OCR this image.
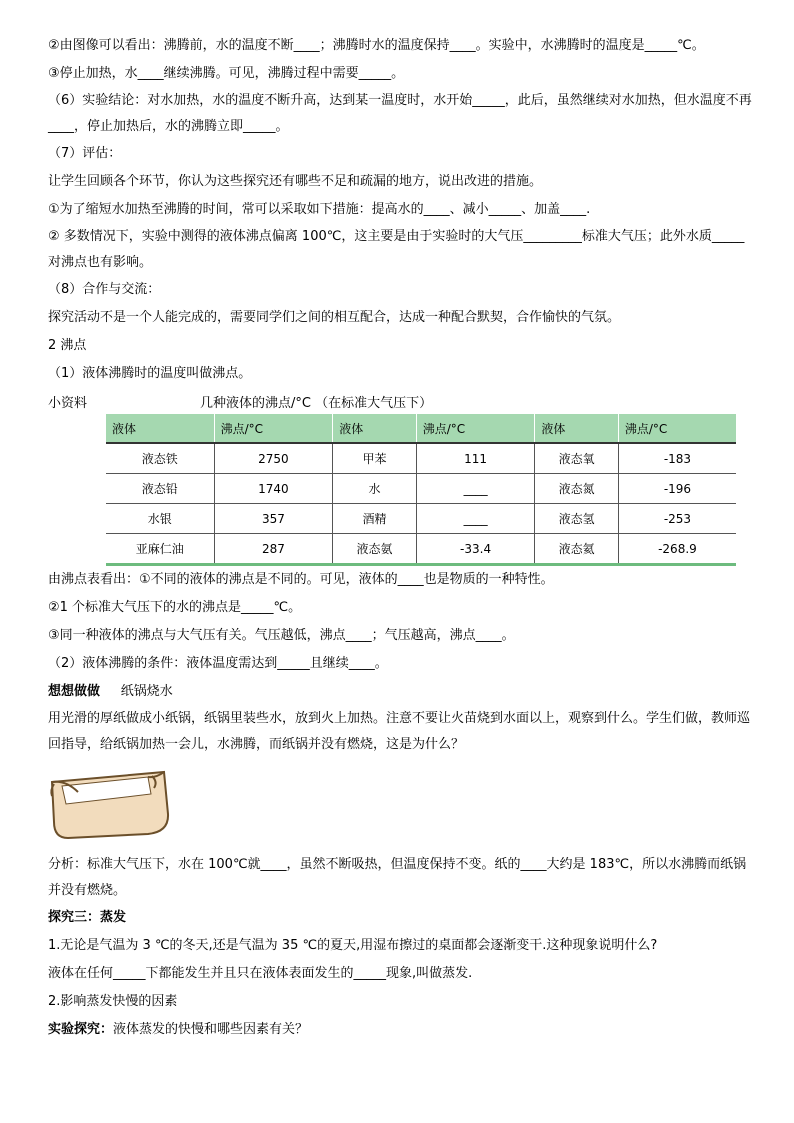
②由图像可以看出：沸腾前，水的温度不断____；沸腾时水的温度保持____。实验中，水沸腾时的温度是_____℃。
③停止加热，水____继续沸腾。可见，沸腾过程中需要_____。
（6）实验结论：对水加热，水的温度不断升高，达到某一温度时，水开始_____，此后，虽然继续对水加热，但水温度不再____，停止加热后，水的沸腾立即_____。
（7）评估：
让学生回顾各个环节，你认为这些探究还有哪些不足和疏漏的地方，说出改进的措施。
①为了缩短水加热至沸腾的时间，常可以采取如下措施：提高水的____、减小_____、加盖____.
② 多数情况下，实验中测得的液体沸点偏离 100℃，这主要是由于实验时的大气压_________标准大气压；此外水质_____对沸点也有影响。
（8）合作与交流：
探究活动不是一个人能完成的，需要同学们之间的相互配合，达成一种配合默契，合作愉快的气氛。
2 沸点
（1）液体沸腾时的温度叫做沸点。
小资料	几种液体的沸点/°C （在标准大气压下）
液体	沸点/°C	液体	沸点/°C	液体	沸点/°C
液态铁	2750	甲苯	111	液态氧	-183
液态铅	1740	水	____	液态氮	-196
水银	357	酒精	____	液态氢	-253
亚麻仁油	287	液态氨	-33.4	液态氦	-268.9
由沸点表看出：①不同的液体的沸点是不同的。可见，液体的____也是物质的一种特性。
②1 个标准大气压下的水的沸点是_____℃。
③同一种液体的沸点与大气压有关。气压越低，沸点____；气压越高，沸点____。
（2）液体沸腾的条件：液体温度需达到_____且继续____。
想想做做 纸锅烧水
用光滑的厚纸做成小纸锅，纸锅里装些水，放到火上加热。注意不要让火苗烧到水面以上，观察到什么。学生们做，教师巡回指导，给纸锅加热一会儿，水沸腾，而纸锅并没有燃烧，这是为什么？
分析：标准大气压下，水在 100℃就____，虽然不断吸热，但温度保持不变。纸的____大约是 183℃，所以水沸腾而纸锅并没有燃烧。
探究三：蒸发
1.无论是气温为 3 ℃的冬天,还是气温为 35 ℃的夏天,用湿布擦过的桌面都会逐渐变干.这种现象说明什么?
液体在任何_____下都能发生并且只在液体表面发生的_____现象,叫做蒸发.
2.影响蒸发快慢的因素
实验探究：液体蒸发的快慢和哪些因素有关？
